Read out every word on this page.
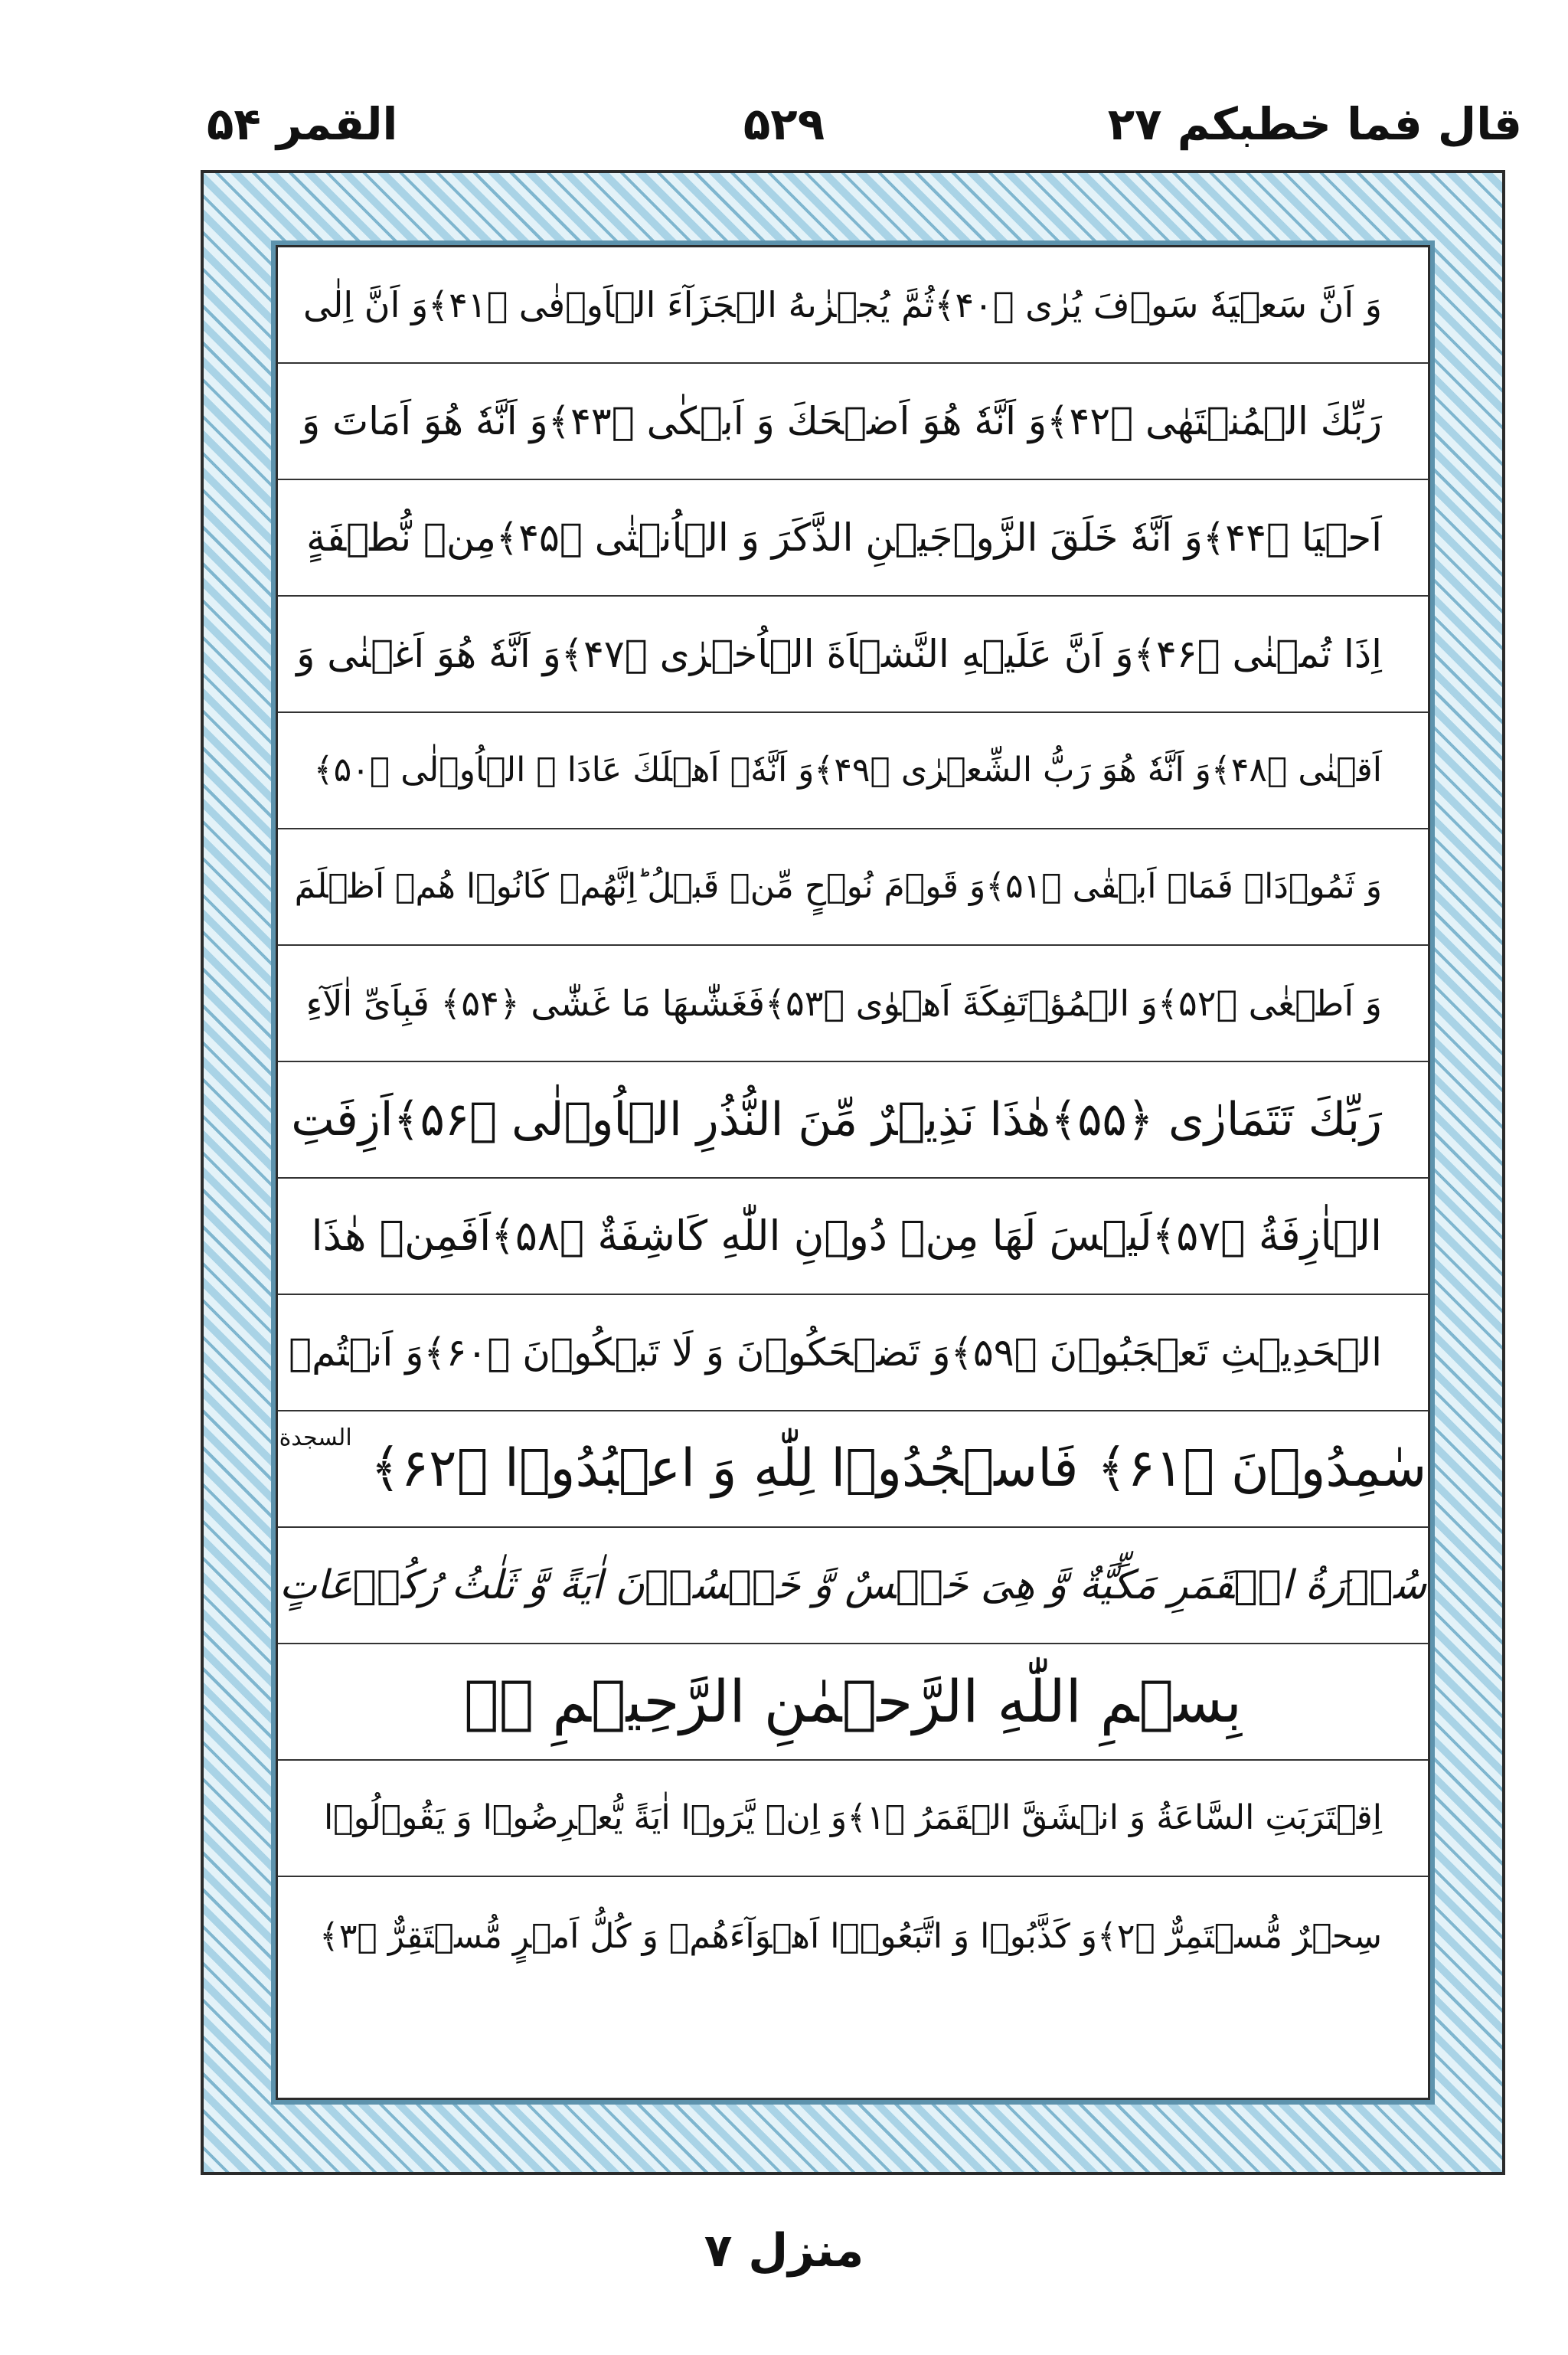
قال فما خطبکم ۲۷
۵۲۹
القمر ۵۴
وَ اَنَّ سَعۡیَهٗ سَوۡفَ یُرٰی ﴿۴۰﴾
ثُمَّ یُجۡزٰىهُ الۡجَزَآءَ الۡاَوۡفٰی ﴿۴۱﴾
وَ اَنَّ اِلٰی
رَبِّكَ الۡمُنۡتَهٰی ﴿۴۲﴾
وَ اَنَّهٗ هُوَ اَضۡحَكَ وَ اَبۡكٰی ﴿۴۳﴾
وَ اَنَّهٗ هُوَ اَمَاتَ وَ
اَحۡیَا ﴿۴۴﴾
وَ اَنَّهٗ خَلَقَ الزَّوۡجَیۡنِ الذَّكَرَ وَ الۡاُنۡثٰی ﴿۴۵﴾
مِنۡ نُّطۡفَةٍ
اِذَا تُمۡنٰی ﴿۴۶﴾
وَ اَنَّ عَلَیۡهِ النَّشۡاَةَ الۡاُخۡرٰی ﴿۴۷﴾
وَ اَنَّهٗ هُوَ اَغۡنٰی وَ
اَقۡنٰی ﴿۴۸﴾
وَ اَنَّهٗ هُوَ رَبُّ الشِّعۡرٰی ﴿۴۹﴾
وَ اَنَّهٗۤ اَهۡلَكَ عَادَا ۨ الۡاُوۡلٰی ﴿۵۰﴾
وَ ثَمُوۡدَاۡ فَمَاۤ اَبۡقٰی ﴿۵۱﴾
وَ قَوۡمَ نُوۡحٍ مِّنۡ قَبۡلُ ؕ
اِنَّهُمۡ كَانُوۡا هُمۡ اَظۡلَمَ
وَ اَطۡغٰی ﴿۵۲﴾
وَ الۡمُؤۡتَفِكَةَ اَهۡوٰی ﴿۵۳﴾
فَغَشّٰىهَا مَا غَشّٰی ﴿۵۴﴾ فَبِاَیِّ اٰلَآءِ
رَبِّكَ تَتَمَارٰی ﴿۵۵﴾
هٰذَا نَذِیۡرٌ مِّنَ النُّذُرِ الۡاُوۡلٰی ﴿۵۶﴾
اَزِفَتِ
الۡاٰزِفَةُ ﴿۵۷﴾
لَیۡسَ لَهَا مِنۡ دُوۡنِ اللّٰهِ كَاشِفَةٌ ﴿۵۸﴾
اَفَمِنۡ هٰذَا
الۡحَدِیۡثِ تَعۡجَبُوۡنَ ﴿۵۹﴾
وَ تَضۡحَكُوۡنَ وَ لَا تَبۡكُوۡنَ ﴿۶۰﴾
وَ اَنۡتُمۡ
سٰمِدُوۡنَ ﴿۶۱﴾
فَاسۡجُدُوۡا لِلّٰهِ وَ اعۡبُدُوۡا ﴿۶۲﴾
السجدة
سُوۡرَةُ الۡقَمَرِ مَكِّیَّةٌ وَّ هِیَ خَمۡسٌ وَّ خَمۡسُوۡنَ اٰیَةً وَّ ثَلٰثُ رُكُوۡعَاتٍ
بِسۡمِ اللّٰهِ الرَّحۡمٰنِ الرَّحِیۡمِ ﴿﴾
اِقۡتَرَبَتِ السَّاعَةُ وَ انۡشَقَّ الۡقَمَرُ ﴿۱﴾
وَ اِنۡ یَّرَوۡا اٰیَةً یُّعۡرِضُوۡا وَ یَقُوۡلُوۡا
سِحۡرٌ مُّسۡتَمِرٌّ ﴿۲﴾
وَ كَذَّبُوۡا وَ اتَّبَعُوۡۤا اَهۡوَآءَهُمۡ وَ كُلُّ اَمۡرٍ مُّسۡتَقِرٌّ ﴿۳﴾
منزل ۷
